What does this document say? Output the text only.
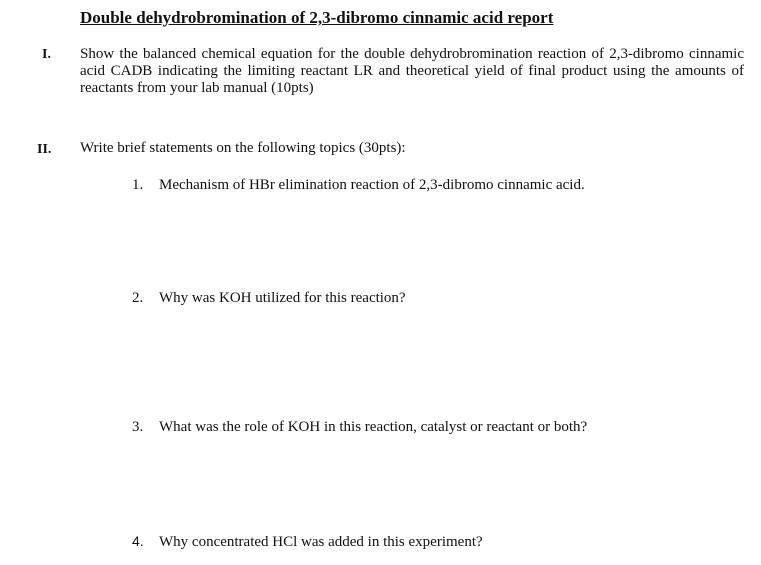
Double dehydrobromination of 2,3-dibromo cinnamic acid report
I. Show the balanced chemical equation for the double dehydrobromination reaction of 2,3-dibromo cinnamic acid CADB indicating the limiting reactant LR and theoretical yield of final product using the amounts of reactants from your lab manual (10pts)
II. Write brief statements on the following topics (30pts):
1. Mechanism of HBr elimination reaction of 2,3-dibromo cinnamic acid.
2. Why was KOH utilized for this reaction?
3. What was the role of KOH in this reaction, catalyst or reactant or both?
4. Why concentrated HCl was added in this experiment?
